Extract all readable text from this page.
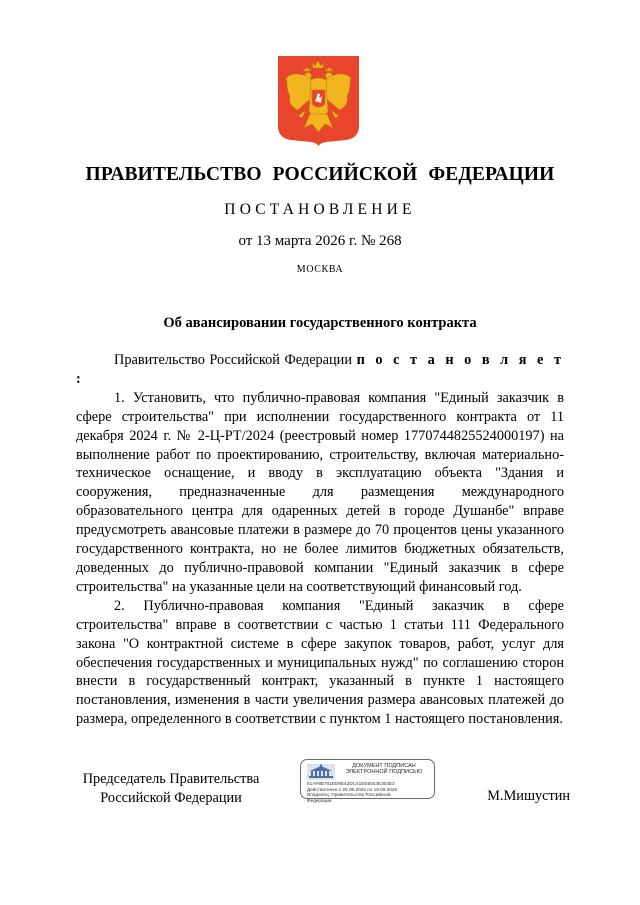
ПРАВИТЕЛЬСТВО РОССИЙСКОЙ ФЕДЕРАЦИИ
ПОСТАНОВЛЕНИЕ
от 13 марта 2026 г. № 268
МОСКВА
Об авансировании государственного контракта

Правительство Российской Федерации п о с т а н о в л я е т :

1. Установить, что публично-правовая компания "Единый заказчик в сфере строительства" при исполнении государственного контракта от 11 декабря 2024 г. № 2-Ц-РТ/2024 (реестровый номер 1770744825524000197) на выполнение работ по проектированию, строительству, включая материально-техническое оснащение, и вводу в эксплуатацию объекта "Здания и сооружения, предназначенные для размещения международного образовательного центра для одаренных детей в городе Душанбе" вправе предусмотреть авансовые платежи в размере до 70 процентов цены указанного государственного контракта, но не более лимитов бюджетных обязательств, доведенных до публично-правовой компании "Единый заказчик в сфере строительства" на указанные цели на соответствующий финансовый год.

2. Публично-правовая компания "Единый заказчик в сфере строительства" вправе в соответствии с частью 1 статьи 111 Федерального закона "О контрактной системе в сфере закупок товаров, работ, услуг для обеспечения государственных и муниципальных нужд" по соглашению сторон внести в государственный контракт, указанный в пункте 1 настоящего постановления, изменения в части увеличения размера авансовых платежей до размера, определенного в соответствии с пунктом 1 настоящего постановления.

Председатель Правительства
Российской Федерации
ДОКУМЕНТ ПОДПИСАН
ЭЛЕКТРОННОЙ ПОДПИСЬЮ
51AF8B781ED9E42DC41EE5043E303E3
Действителен с 26.06.2025 по 19.09.2026
Владелец: Правительство Российской
Федерации	М.Мишустин
